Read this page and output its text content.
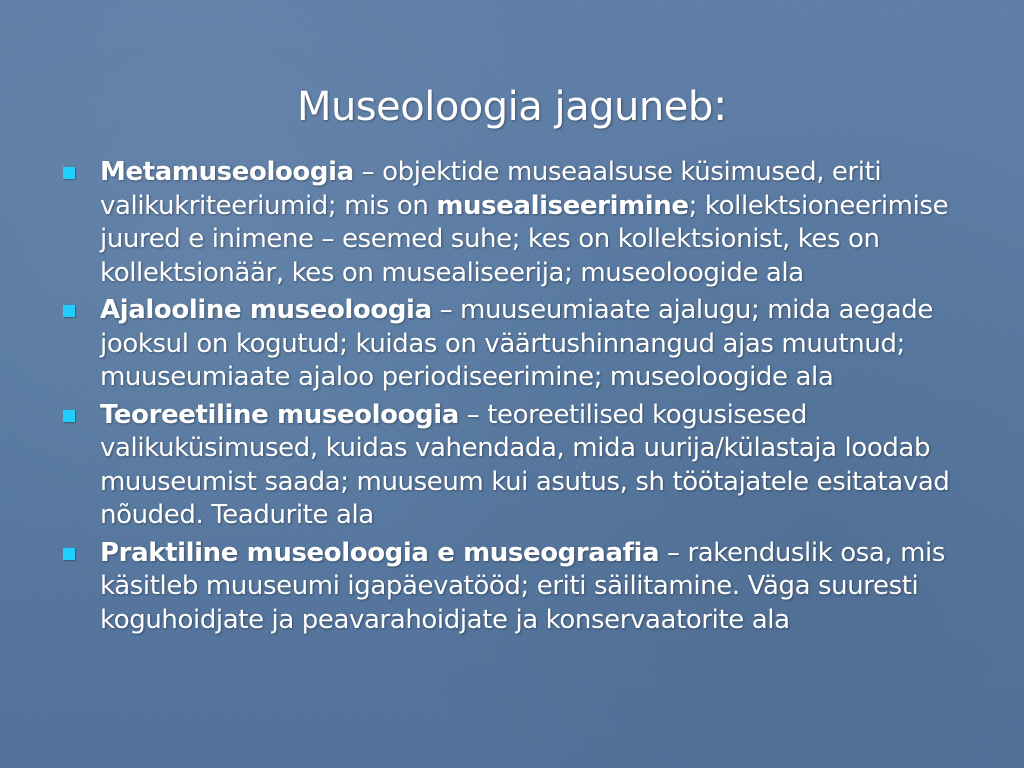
Museoloogia jaguneb:
Metamuseoloogia – objektide museaalsuse küsimused, eriti valikukriteeriumid; mis on musealiseerimine; kollektsioneerimise juured e inimene – esemed suhe; kes on kollektsionist, kes on kollektsionäär, kes on musealiseerija; museoloogide ala
Ajalooline museoloogia – muuseumiaate ajalugu; mida aegade jooksul on kogutud; kuidas on väärtushinnangud ajas muutnud; muuseumiaate ajaloo periodiseerimine; museoloogide ala
Teoreetiline museoloogia – teoreetilised kogusisesed valikuküsimused, kuidas vahendada, mida uurija/külastaja loodab muuseumist saada; muuseum kui asutus, sh töötajatele esitatavad nõuded. Teadurite ala
Praktiline museoloogia e museograafia – rakenduslik osa, mis käsitleb muuseumi igapäevatööd; eriti säilitamine. Väga suuresti koguhoidjate ja peavarahoidjate ja konservaatorite ala
